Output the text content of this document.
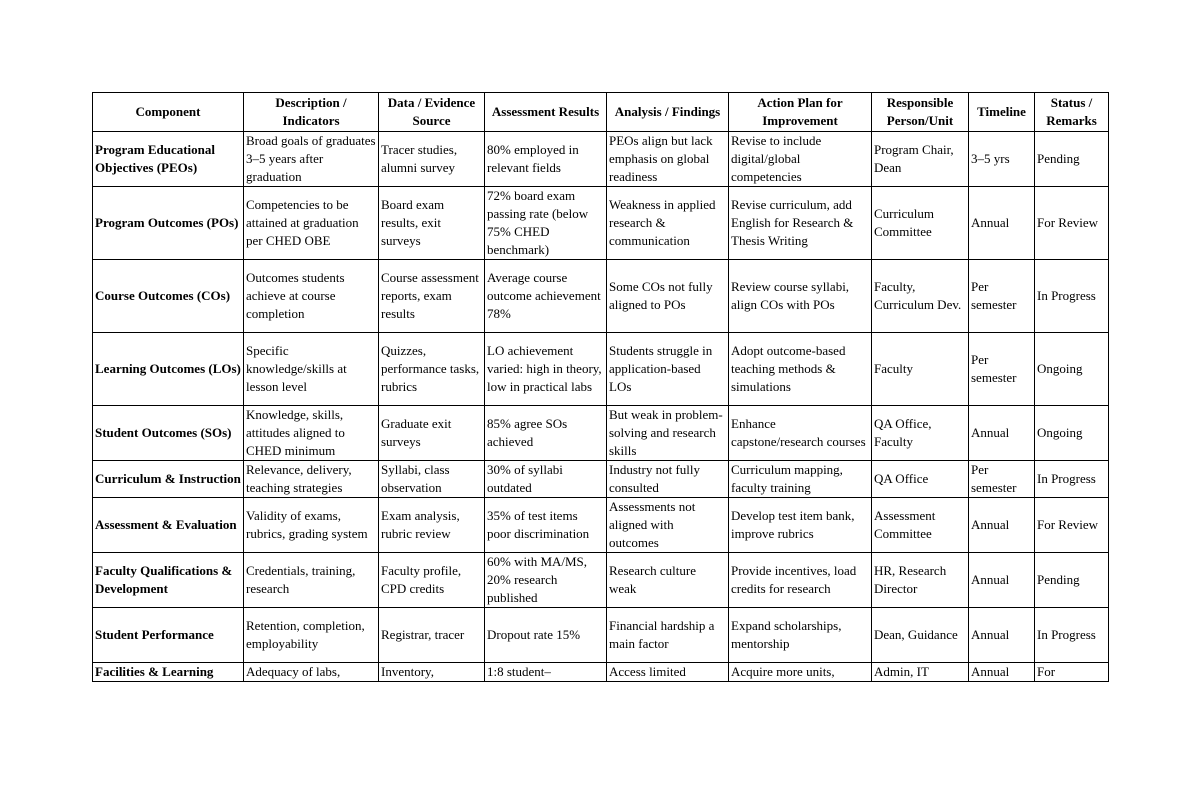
Component	Description / Indicators	Data / Evidence Source	Assessment Results	Analysis / Findings	Action Plan for Improvement	Responsible Person/Unit	Timeline	Status / Remarks
Program Educational Objectives (PEOs)	Broad goals of graduates 3–5 years after graduation	Tracer studies, alumni survey	80% employed in relevant fields	PEOs align but lack emphasis on global readiness	Revise to include digital/global competencies	Program Chair, Dean	3–5 yrs	Pending
Program Outcomes (POs)	Competencies to be attained at graduation per CHED OBE	Board exam results, exit surveys	72% board exam passing rate (below 75% CHED benchmark)	Weakness in applied research & communication	Revise curriculum, add English for Research & Thesis Writing	Curriculum Committee	Annual	For Review
Course Outcomes (COs)	Outcomes students achieve at course completion	Course assessment reports, exam results	Average course outcome achievement 78%	Some COs not fully aligned to POs	Review course syllabi, align COs with POs	Faculty, Curriculum Dev.	Per semester	In Progress
Learning Outcomes (LOs)	Specific knowledge/skills at lesson level	Quizzes, performance tasks, rubrics	LO achievement varied: high in theory, low in practical labs	Students struggle in application-based LOs	Adopt outcome-based teaching methods & simulations	Faculty	Per semester	Ongoing
Student Outcomes (SOs)	Knowledge, skills, attitudes aligned to CHED minimum	Graduate exit surveys	85% agree SOs achieved	But weak in problem-solving and research skills	Enhance capstone/research courses	QA Office, Faculty	Annual	Ongoing
Curriculum & Instruction	Relevance, delivery, teaching strategies	Syllabi, class observation	30% of syllabi outdated	Industry not fully consulted	Curriculum mapping, faculty training	QA Office	Per semester	In Progress
Assessment & Evaluation	Validity of exams, rubrics, grading system	Exam analysis, rubric review	35% of test items poor discrimination	Assessments not aligned with outcomes	Develop test item bank, improve rubrics	Assessment Committee	Annual	For Review
Faculty Qualifications & Development	Credentials, training, research	Faculty profile, CPD credits	60% with MA/MS, 20% research published	Research culture weak	Provide incentives, load credits for research	HR, Research Director	Annual	Pending
Student Performance	Retention, completion, employability	Registrar, tracer	Dropout rate 15%	Financial hardship a main factor	Expand scholarships, mentorship	Dean, Guidance	Annual	In Progress
Facilities & Learning	Adequacy of labs,	Inventory,	1:8 student–	Access limited	Acquire more units,	Admin, IT	Annual	For
